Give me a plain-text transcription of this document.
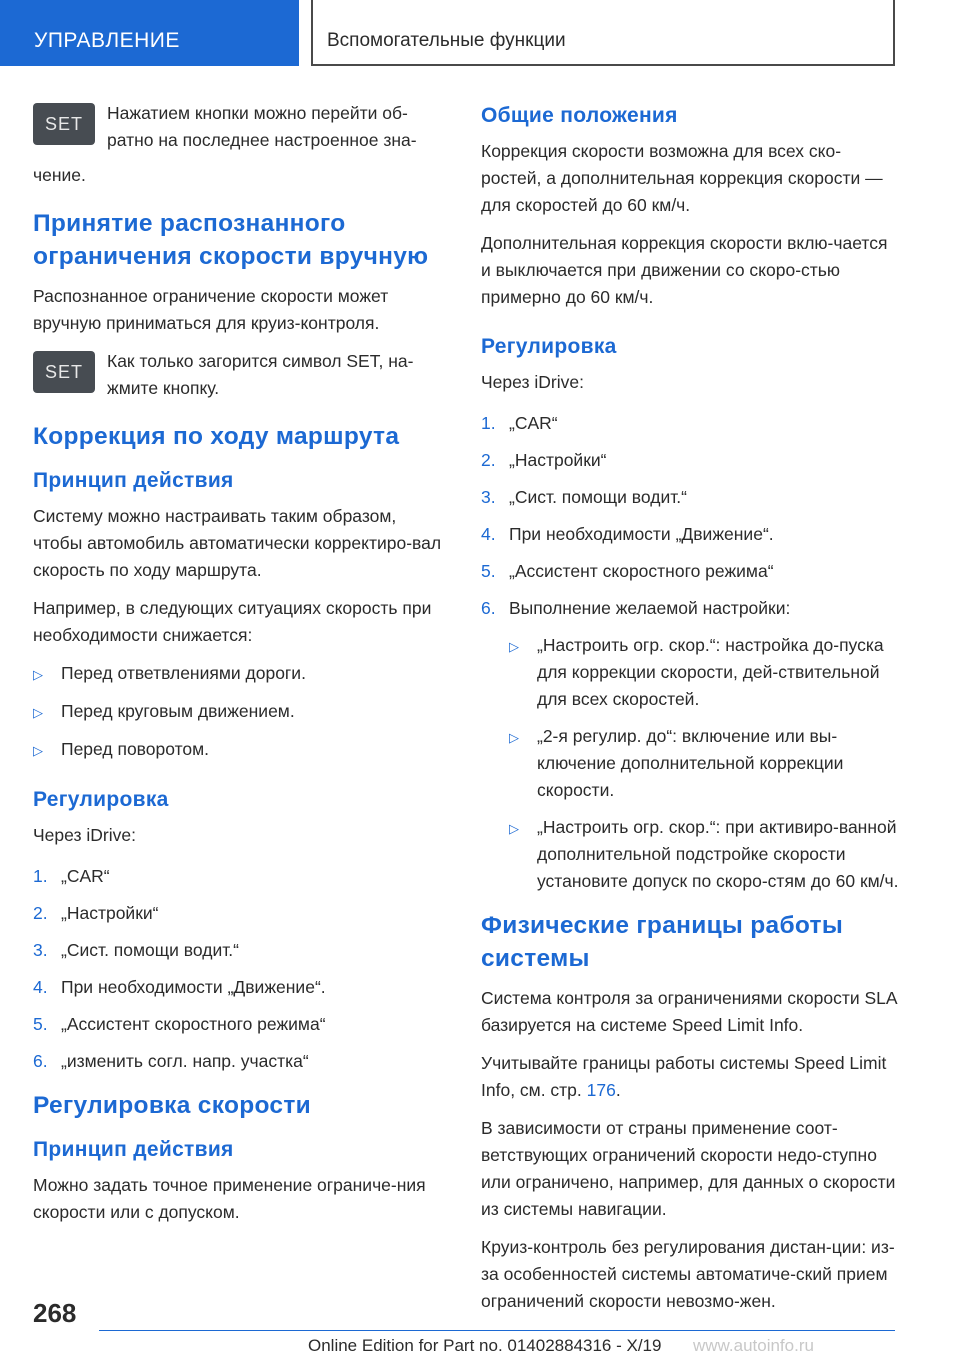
УПРАВЛЕНИЕ	Вспомогательные функции
SET
Нажатием кнопки можно перейти об-
ратно на последнее настроенное зна-
чение.
Принятие распознанного ограничения скорости вручную
Распознанное ограничение скорости может вручную приниматься для круиз-контроля.
SET
Как только загорится символ SET, на-жмите кнопку.
Коррекция по ходу маршрута
Принцип действия
Систему можно настраивать таким образом, чтобы автомобиль автоматически корректиро-вал скорость по ходу маршрута.
Например, в следующих ситуациях скорость при необходимости снижается:
▷	Перед ответвлениями дороги.
▷	Перед круговым движением.
▷	Перед поворотом.
Регулировка
Через iDrive:
1. „CAR“
2. „Настройки“
3. „Сист. помощи водит.“
4. При необходимости „Движение“.
5. „Ассистент скоростного режима“
6. „изменить согл. напр. участка“
Регулировка скорости
Принцип действия
Можно задать точное применение ограниче-ния скорости или с допуском.
Общие положения
Коррекция скорости возможна для всех ско-ростей, а дополнительная коррекция скорости — для скоростей до 60 км/ч.
Дополнительная коррекция скорости вклю-чается и выключается при движении со скоро-стью примерно до 60 км/ч.
Регулировка
Через iDrive:
1. „CAR“
2. „Настройки“
3. „Сист. помощи водит.“
4. При необходимости „Движение“.
5. „Ассистент скоростного режима“
6. Выполнение желаемой настройки:
▷	„Настроить огр. скор.“: настройка до-пуска для коррекции скорости, дей-ствительной для всех скоростей.
▷	„2-я регулир. до“: включение или вы-ключение дополнительной коррекции скорости.
▷	„Настроить огр. скор.“: при активиро-ванной дополнительной подстройке скорости установите допуск по скоро-стям до 60 км/ч.
Физические границы работы системы
Система контроля за ограничениями скорости SLA базируется на системе Speed Limit Info.
Учитывайте границы работы системы Speed Limit Info, см. стр. 176.
В зависимости от страны применение соот-ветствующих ограничений скорости недо-ступно или ограничено, например, для данных о скорости из системы навигации.
Круиз-контроль без регулирования дистан-ции: из-за особенностей системы автоматиче-ский прием ограничений скорости невозмо-жен.
268
Online Edition for Part no. 01402884316 - X/19 www.autoinfo.ru
